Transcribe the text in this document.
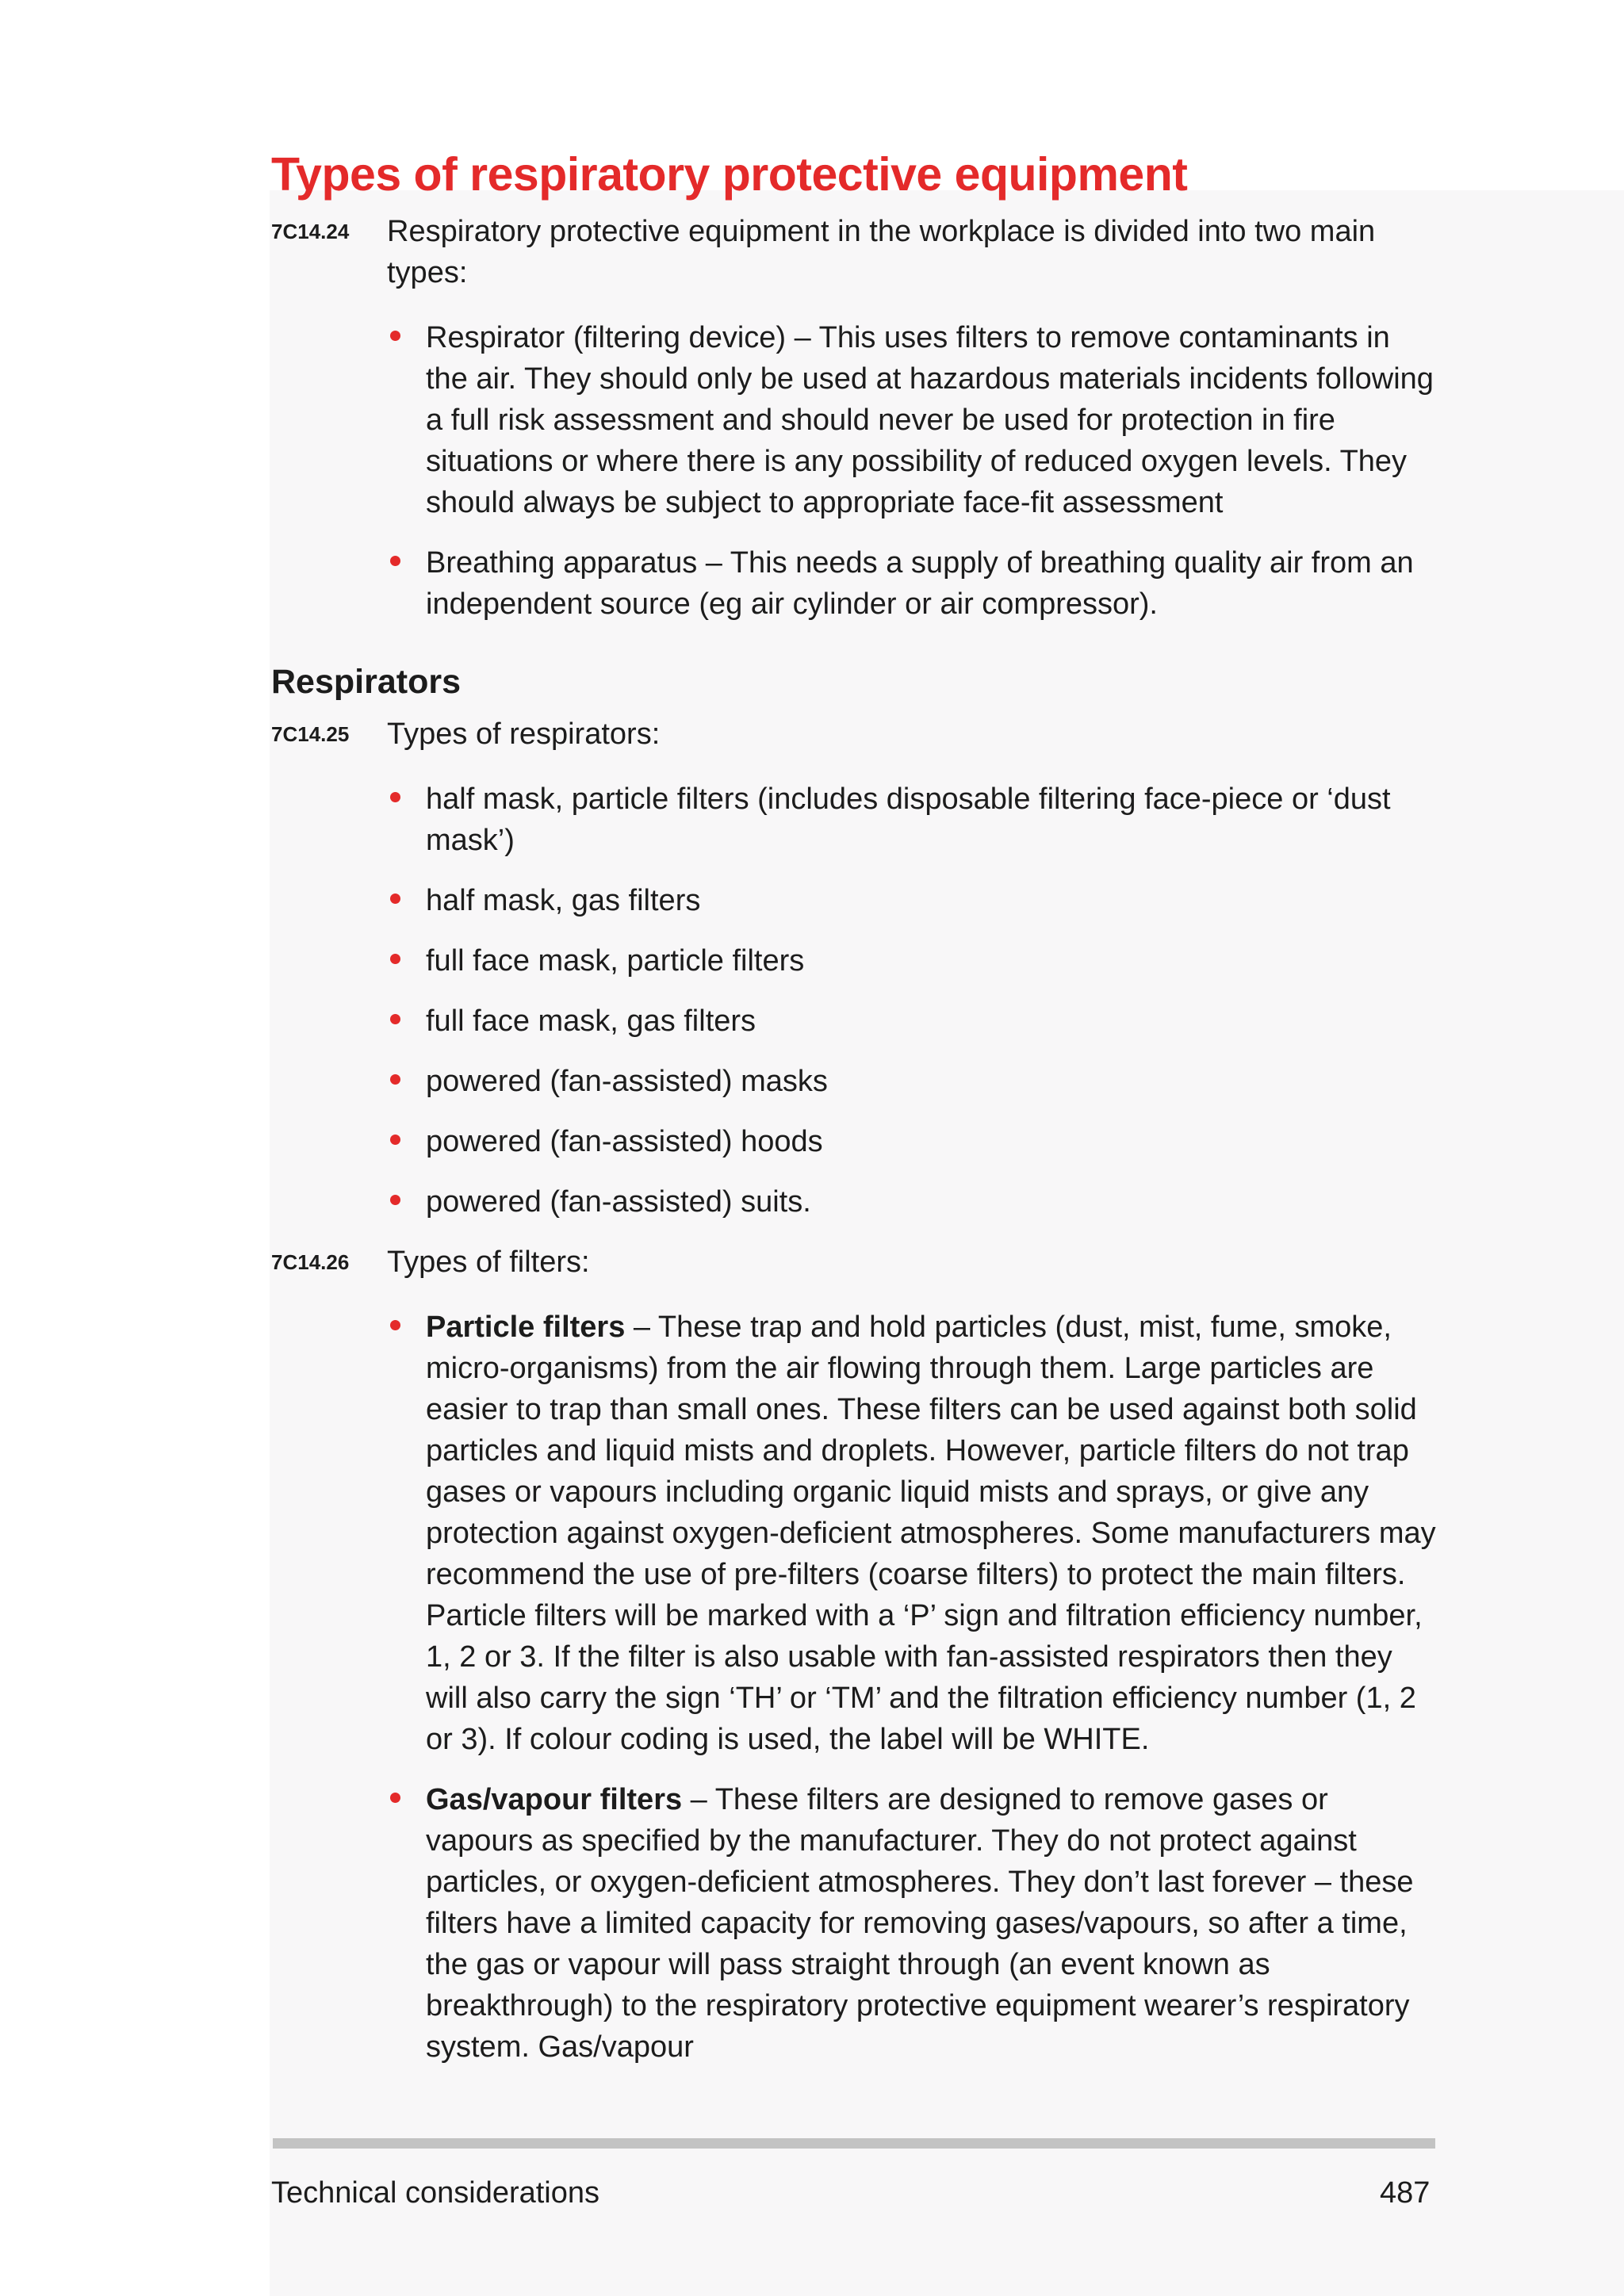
Types of respiratory protective equipment
7C14.24 Respiratory protective equipment in the workplace is divided into two main types:

Respirator (filtering device) – This uses filters to remove contaminants in the air. They should only be used at hazardous materials incidents following a full risk assessment and should never be used for protection in fire situations or where there is any possibility of reduced oxygen levels. They should always be subject to appropriate face-fit assessment
Breathing apparatus – This needs a supply of breathing quality air from an independent source (eg air cylinder or air compressor).
Respirators
7C14.25 Types of respirators:

half mask, particle filters (includes disposable filtering face-piece or ‘dust mask’)
half mask, gas filters
full face mask, particle filters
full face mask, gas filters
powered (fan-assisted) masks
powered (fan-assisted) hoods
powered (fan-assisted) suits.
7C14.26 Types of filters:

Particle filters – These trap and hold particles (dust, mist, fume, smoke, micro-organisms) from the air flowing through them. Large particles are easier to trap than small ones. These filters can be used against both solid particles and liquid mists and droplets. However, particle filters do not trap gases or vapours including organic liquid mists and sprays, or give any protection against oxygen-deficient atmospheres. Some manufacturers may recommend the use of pre-filters (coarse filters) to protect the main filters. Particle filters will be marked with a ‘P’ sign and filtration efficiency number, 1, 2 or 3. If the filter is also usable with fan-assisted respirators then they will also carry the sign ‘TH’ or ‘TM’ and the filtration efficiency number (1, 2 or 3). If colour coding is used, the label will be WHITE.
Gas/vapour filters – These filters are designed to remove gases or vapours as specified by the manufacturer. They do not protect against particles, or oxygen-deficient atmospheres. They don’t last forever – these filters have a limited capacity for removing gases/vapours, so after a time, the gas or vapour will pass straight through (an event known as breakthrough) to the respiratory protective equipment wearer’s respiratory system. Gas/vapour
Technical considerations	487
